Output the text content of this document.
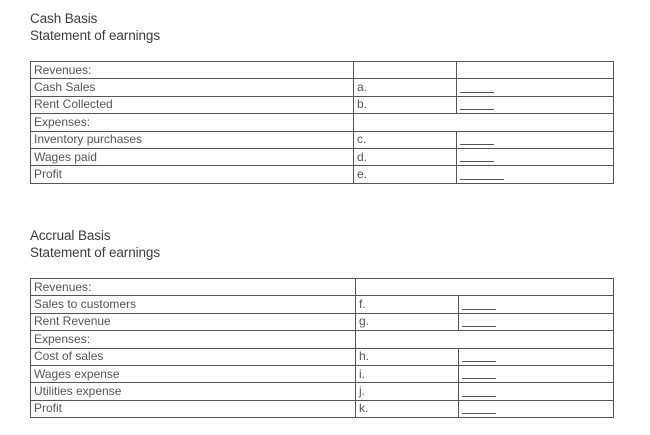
Cash Basis
Statement of earnings
Revenues:		
Cash Sales	a.	

Rent Collected	b.	

Expenses:		
Inventory purchases	c.	

Wages paid	d.	

Profit	e.	
Accrual Basis
Statement of earnings
Revenues:		
Sales to customers	f.	

Rent Revenue	g.	

Expenses:		
Cost of sales	h.	

Wages expense	i.	

Utilities expense	j.	

Profit	k.	
